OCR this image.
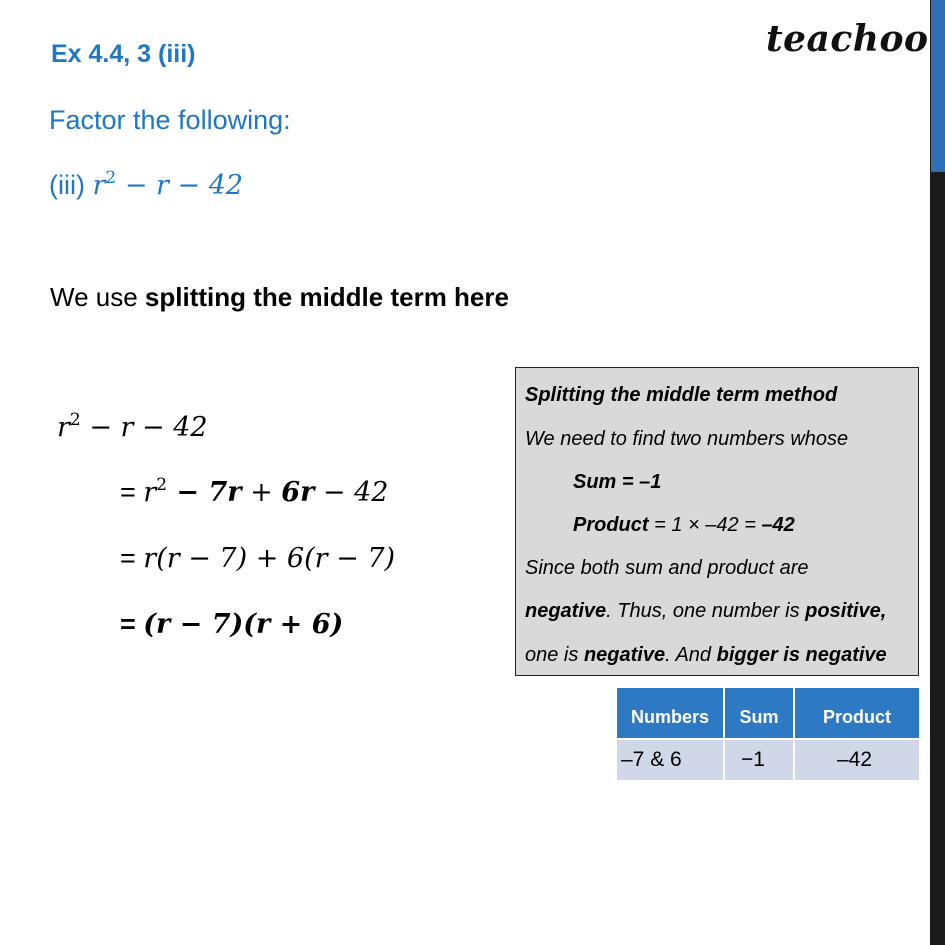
Ex 4.4, 3 (iii)	teachoo
Factor the following:
(iii) $r^2 - r - 42$
We use splitting the middle term here
$r^2 - r - 42$
= $r^2 - 7r + 6r - 42$
= r(r − 7) + 6(r − 7)
= (r − 7)(r + 6)
Splitting the middle term method
We need to find two numbers whose
Sum = –1
Product = 1 × –42 = –42
Since both sum and product are
negative. Thus, one number is positive,
one is negative. And bigger is negative
Numbers	Sum	Product
–7 & 6	−1	–42
